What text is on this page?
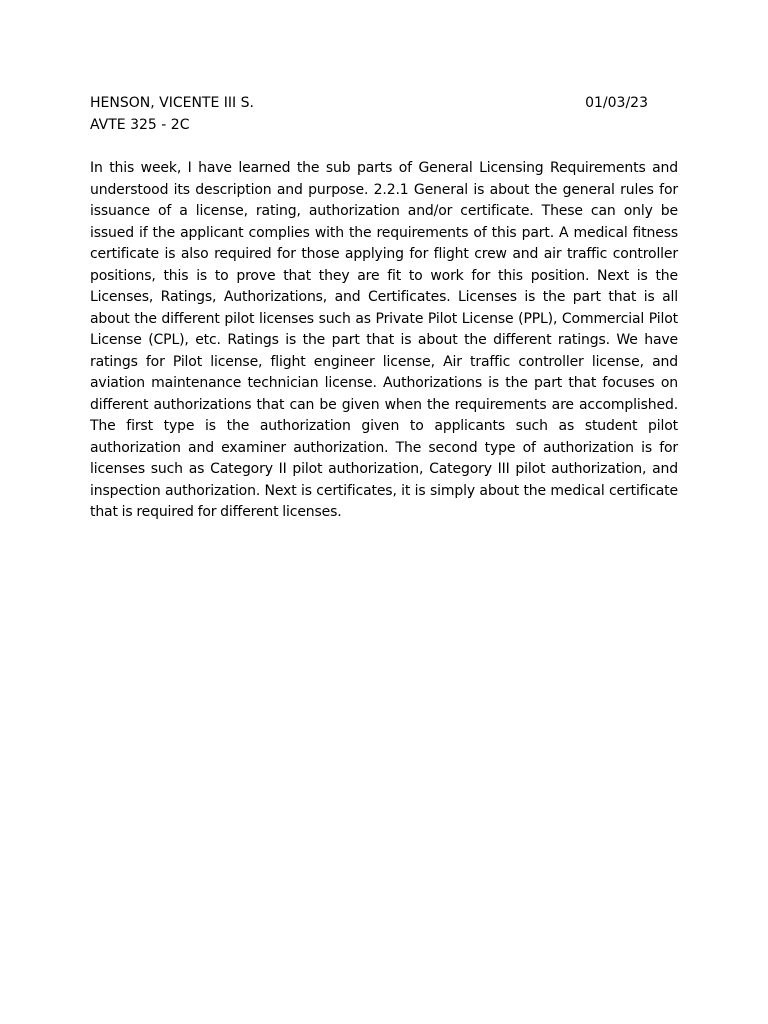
HENSON, VICENTE III S.	01/03/23
AVTE 325 - 2C

In this week, I have learned the sub parts of General Licensing Requirements and understood its description and purpose. 2.2.1 General is about the general rules for issuance of a license, rating, authorization and/or certificate. These can only be issued if the applicant complies with the requirements of this part. A medical fitness certificate is also required for those applying for flight crew and air traffic controller positions, this is to prove that they are fit to work for this position. Next is the Licenses, Ratings, Authorizations, and Certificates. Licenses is the part that is all about the different pilot licenses such as Private Pilot License (PPL), Commercial Pilot License (CPL), etc. Ratings is the part that is about the different ratings. We have ratings for Pilot license, flight engineer license, Air traffic controller license, and aviation maintenance technician license. Authorizations is the part that focuses on different authorizations that can be given when the requirements are accomplished. The first type is the authorization given to applicants such as student pilot authorization and examiner authorization. The second type of authorization is for licenses such as Category II pilot authorization, Category III pilot authorization, and inspection authorization. Next is certificates, it is simply about the medical certificate that is required for different licenses.
